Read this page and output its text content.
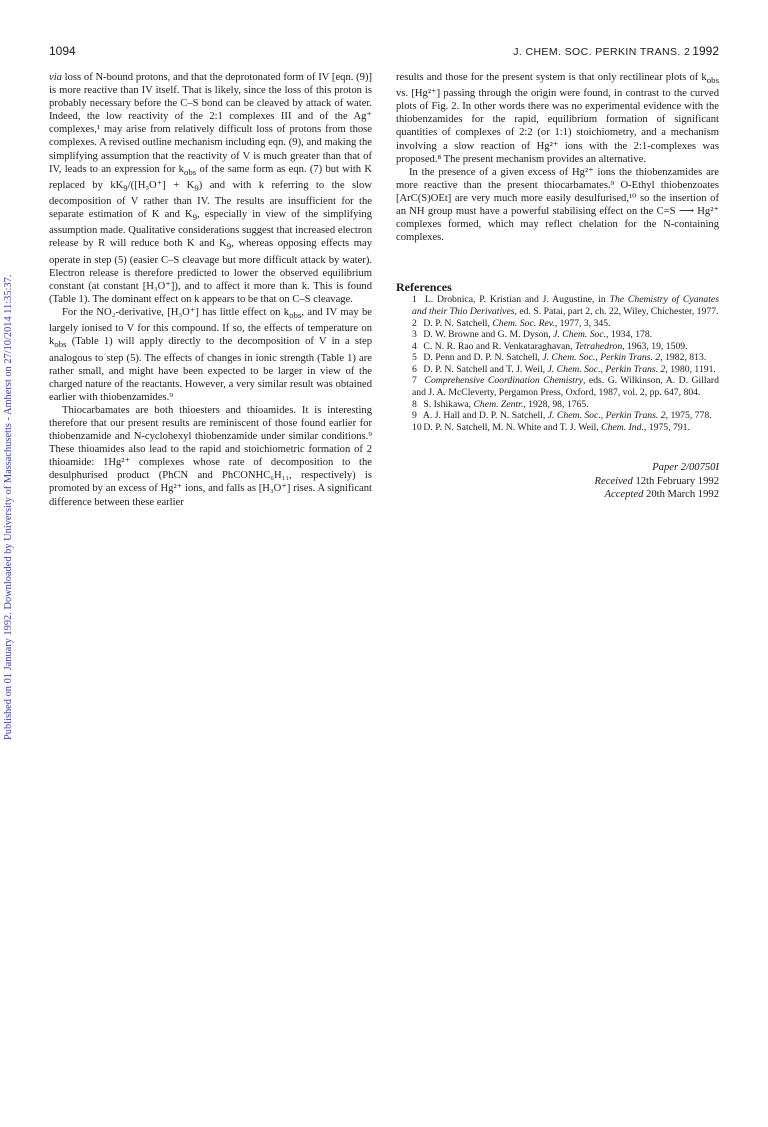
Published on 01 January 1992. Downloaded by University of Massachusetts - Amherst on 27/10/2014 11:35:37.
1094	J. CHEM. SOC. PERKIN TRANS. 2 1992

via loss of N-bound protons, and that the deprotonated form of IV [eqn. (9)] is more reactive than IV itself. That is likely, since the loss of this proton is probably necessary before the C–S bond can be cleaved by attack of water. Indeed, the low reactivity of the 2:1 complexes III and of the Ag⁺ complexes,¹ may arise from relatively difficult loss of protons from those complexes. A revised outline mechanism including eqn. (9), and making the simplifying assumption that the reactivity of V is much greater than that of IV, leads to an expression for $k_{obs}$ of the same form as eqn. (7) but with K replaced by $kK_9/([H_3O^+] + K_9)$ and with k referring to the slow decomposition of V rather than IV. The results are insufficient for the separate estimation of K and $K_9$, especially in view of the simplifying assumption made. Qualitative considerations suggest that increased electron release by R will reduce both K and $K_9$, whereas opposing effects may operate in step (5) (easier C–S cleavage but more difficult attack by water). Electron release is therefore predicted to lower the observed equilibrium constant (at constant [H₃O⁺]), and to affect it more than k. This is found (Table 1). The dominant effect on k appears to be that on C–S cleavage.

For the NO₂-derivative, [H₃O⁺] has little effect on $k_{obs}$, and IV may be largely ionised to V for this compound. If so, the effects of temperature on $k_{obs}$ (Table 1) will apply directly to the decomposition of V in a step analogous to step (5). The effects of changes in ionic strength (Table 1) are rather small, and might have been expected to be larger in view of the charged nature of the reactants. However, a very similar result was obtained earlier with thiobenzamides.⁹

Thiocarbamates are both thioesters and thioamides. It is interesting therefore that our present results are reminiscent of those found earlier for thiobenzamide and N-cyclohexyl thiobenzamide under similar conditions.⁹ These thioamides also lead to the rapid and stoichiometric formation of 2 thioamide: 1Hg²⁺ complexes whose rate of decomposition to the desulphurised product (PhCN and PhCONHC₆H₁₁, respectively) is promoted by an excess of Hg²⁺ ions, and falls as [H₃O⁺] rises. A significant difference between these earlier

results and those for the present system is that only rectilinear plots of $k_{obs}$ vs. [Hg²⁺] passing through the origin were found, in contrast to the curved plots of Fig. 2. In other words there was no experimental evidence with the thiobenzamides for the rapid, equilibrium formation of significant quantities of complexes of 2:2 (or 1:1) stoichiometry, and a mechanism involving a slow reaction of Hg²⁺ ions with the 2:1-complexes was proposed.⁸ The present mechanism provides an alternative.

In the presence of a given excess of Hg²⁺ ions the thiobenzamides are more reactive than the present thiocarbamates.⁹ O-Ethyl thiobenzoates [ArC(S)OEt] are very much more easily desulfurised,¹⁰ so the insertion of an NH group must have a powerful stabilising effect on the C=S ⟶ Hg²⁺ complexes formed, which may reflect chelation for the N-containing complexes.

References

1 L. Drobnica, P. Kristian and J. Augustine, in The Chemistry of Cyanates and their Thio Derivatives, ed. S. Patai, part 2, ch. 22, Wiley, Chichester, 1977.

2 D. P. N. Satchell, Chem. Soc. Rev., 1977, 3, 345.

3 D. W. Browne and G. M. Dyson, J. Chem. Soc., 1934, 178.

4 C. N. R. Rao and R. Venkataraghavan, Tetrahedron, 1963, 19, 1509.

5 D. Penn and D. P. N. Satchell, J. Chem. Soc., Perkin Trans. 2, 1982, 813.

6 D. P. N. Satchell and T. J. Weil, J. Chem. Soc., Perkin Trans. 2, 1980, 1191.

7 Comprehensive Coordination Chemistry, eds. G. Wilkinson, A. D. Gillard and J. A. McCleverty, Pergamon Press, Oxford, 1987, vol. 2, pp. 647, 804.

8 S. Ishikawa, Chem. Zentr., 1928, 98, 1765.

9 A. J. Hall and D. P. N. Satchell, J. Chem. Soc., Perkin Trans. 2, 1975, 778.

10 D. P. N. Satchell, M. N. White and T. J. Weil, Chem. Ind., 1975, 791.

Paper 2/00750I
Received 12th February 1992
Accepted 20th March 1992
